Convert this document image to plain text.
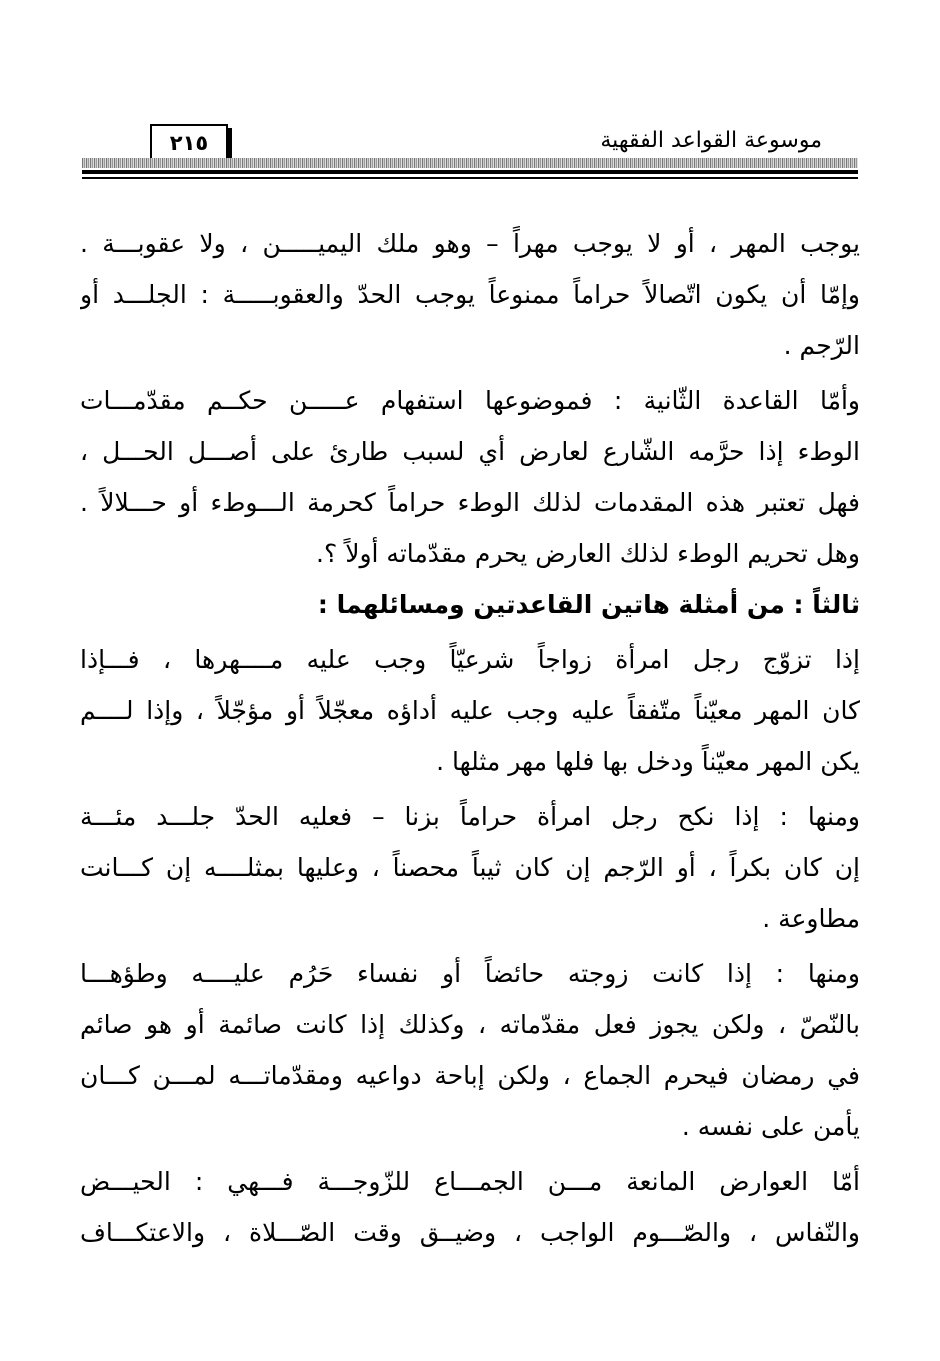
موسوعة القواعد الفقهية
٢١٥
يوجب المهر ، أو لا يوجب مهراً – وهو ملك اليميـــــن ، ولا عقوبـــة .
وإمّا أن يكون اتّصالاً حراماً ممنوعاً يوجب الحدّ والعقوبـــــة : الجلـــد أو
الرّجم .
وأمّا القاعدة الثّانية : فموضوعها استفهام عـــــن حكــم مقدّمـــات
الوطء إذا حرَّمه الشّارع لعارض أي لسبب طارئ على أصـــل الحـــل ،
فهل تعتبر هذه المقدمات لذلك الوطء حراماً كحرمة الـــوطء أو حـــلالاً .
وهل تحريم الوطء لذلك العارض يحرم مقدّماته أولاً ؟.
ثالثاً : من أمثلة هاتين القاعدتين ومسائلهما :
إذا تزوّج رجل امرأة زواجاً شرعيّاً وجب عليه مــــهرها ، فـــإذا
كان المهر معيّناً متّفقاً عليه وجب عليه أداؤه معجّلاً أو مؤجّلاً ، وإذا لــــم
يكن المهر معيّناً ودخل بها فلها مهر مثلها .
ومنها : إذا نكح رجل امرأة حراماً بزنا – فعليه الحدّ جلـــد مئـــة
إن كان بكراً ، أو الرّجم إن كان ثيباً محصناً ، وعليها بمثلــــه إن كـــانت
مطاوعة .
ومنها : إذا كانت زوجته حائضاً أو نفساء حَرُم عليــــه وطؤهـــا
بالنّصّ ، ولكن يجوز فعل مقدّماته ، وكذلك إذا كانت صائمة أو هو صائم
في رمضان فيحرم الجماع ، ولكن إباحة دواعيه ومقدّماتـــه لمـــن كـــان
يأمن على نفسه .
أمّا العوارض المانعة مـــن الجمـــاع للزّوجـــة فـــهي : الحيـــض
والنّفاس ، والصّـــوم الواجب ، وضيــق وقت الصّـــلاة ، والاعتكـــاف
